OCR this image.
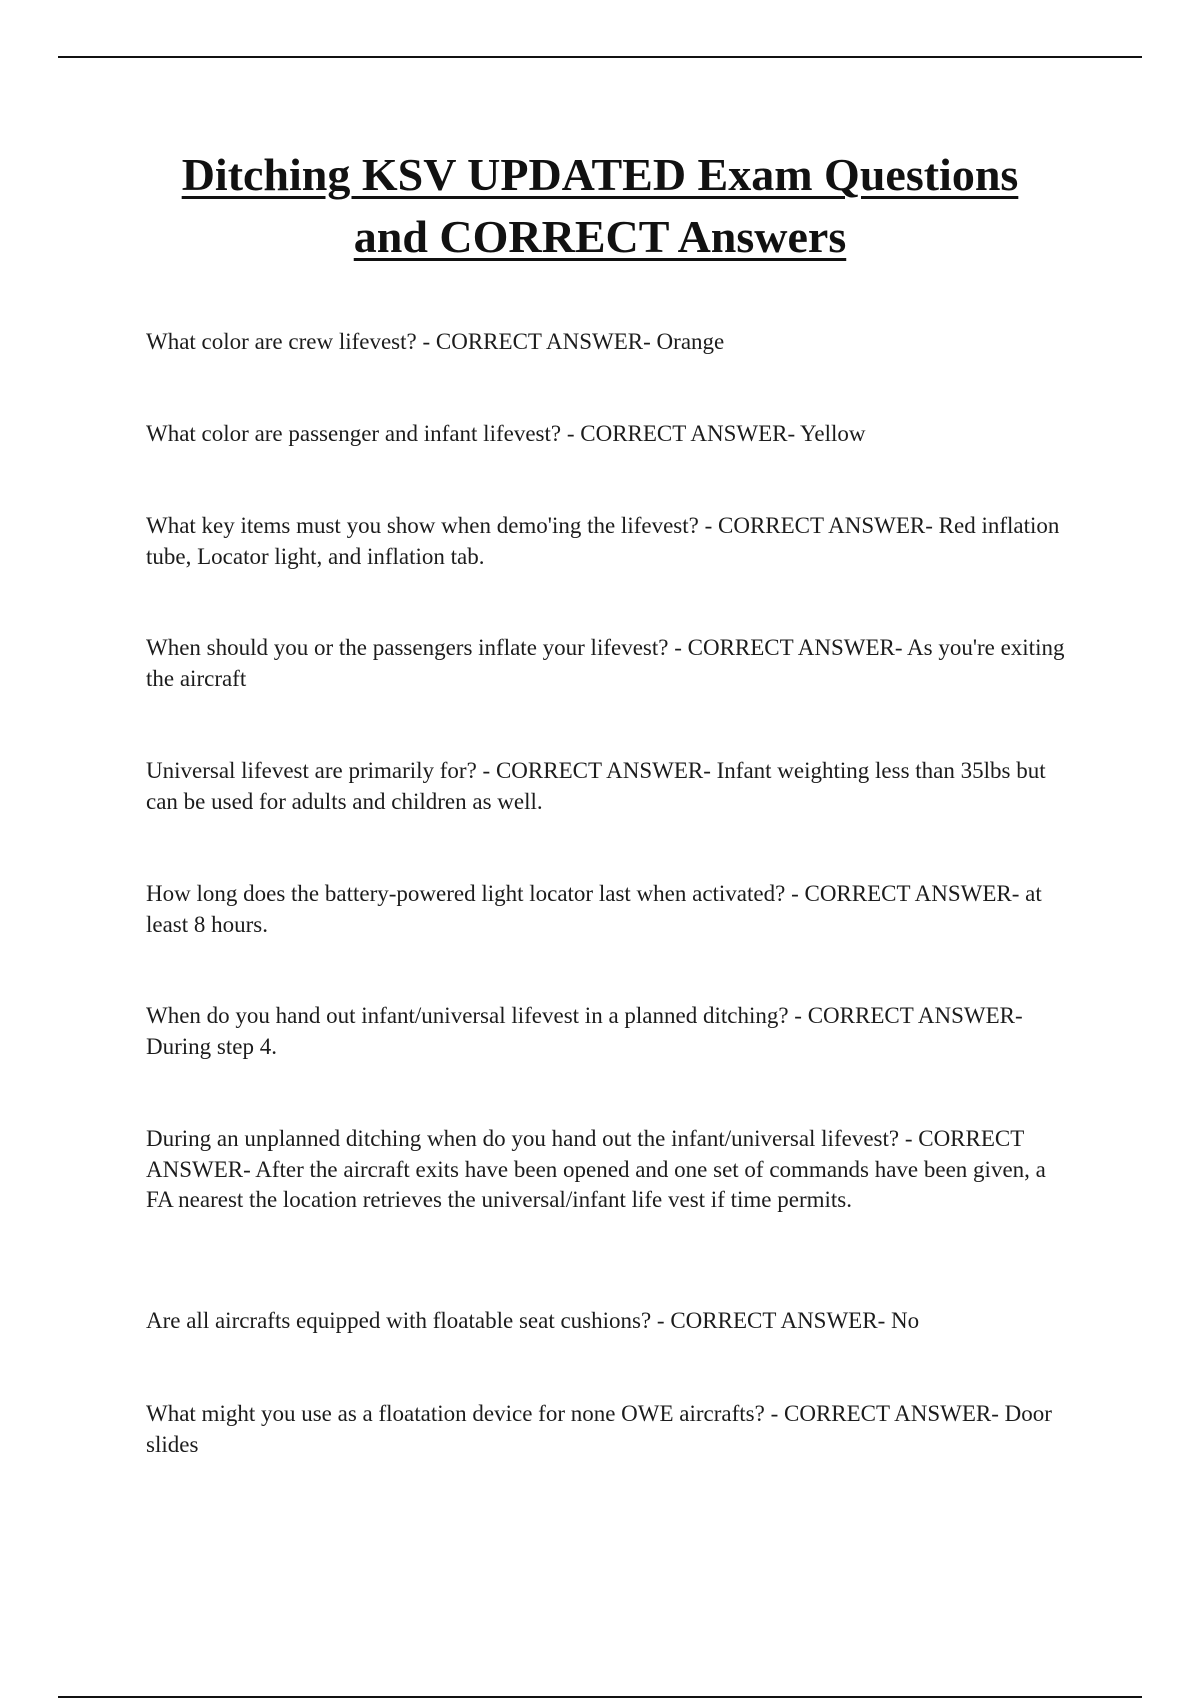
Ditching KSV UPDATED Exam Questions
and CORRECT Answers

What color are crew lifevest? - CORRECT ANSWER- Orange

What color are passenger and infant lifevest? - CORRECT ANSWER- Yellow

What key items must you show when demo'ing the lifevest? - CORRECT ANSWER- Red inflation tube, Locator light, and inflation tab.

When should you or the passengers inflate your lifevest? - CORRECT ANSWER- As you're exiting the aircraft

Universal lifevest are primarily for? - CORRECT ANSWER- Infant weighting less than 35lbs but can be used for adults and children as well.

How long does the battery-powered light locator last when activated? - CORRECT ANSWER- at least 8 hours.

When do you hand out infant/universal lifevest in a planned ditching? - CORRECT ANSWER- During step 4.

During an unplanned ditching when do you hand out the infant/universal lifevest? - CORRECT ANSWER- After the aircraft exits have been opened and one set of commands have been given, a FA nearest the location retrieves the universal/infant life vest if time permits.

Are all aircrafts equipped with floatable seat cushions? - CORRECT ANSWER- No

What might you use as a floatation device for none OWE aircrafts? - CORRECT ANSWER- Door slides
